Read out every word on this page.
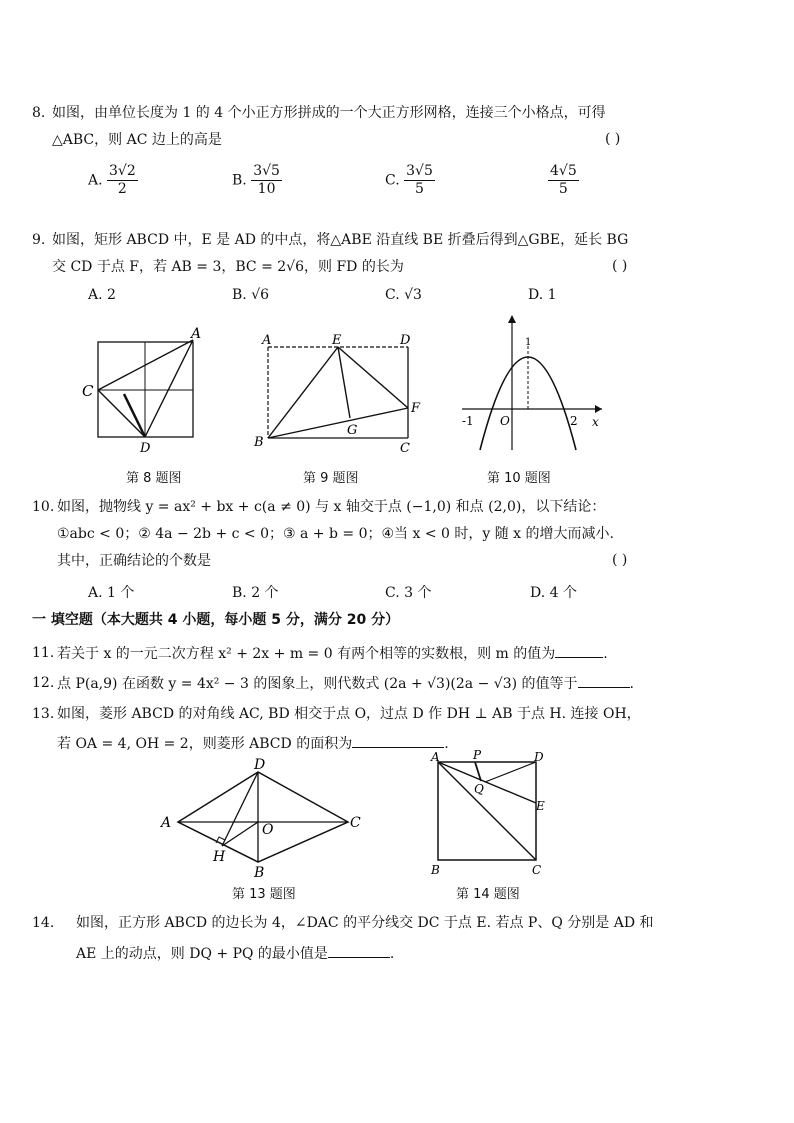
8. 如图，由单位长度为 1 的 4 个小正方形拼成的一个大正方形网格，连接三个小格点，可得
△ABC，则 AC 边上的高是	( )
A. $\frac{3√2}{2}$	B. $\frac{3√5}{10}$	C. $\frac{3√5}{5}$	$\frac{4√5}{5}$
9. 如图，矩形 ABCD 中，E 是 AD 的中点，将△ABE 沿直线 BE 折叠后得到△GBE，延长 BG
交 CD 于点 F，若 AB = 3，BC = 2√6，则 FD 的长为	( )
A. 2	B. √6	C. √3	D. 1
A
C
D
A	E	D
B	C
F
G
-1 O
1
2 x
第 8 题图	第 9 题图	第 10 题图
10. 如图，抛物线 y = ax² + bx + c(a ≠ 0) 与 x 轴交于点 (−1,0) 和点 (2,0)，以下结论：
①abc < 0；② 4a − 2b + c < 0；③ a + b = 0；④当 x < 0 时，y 随 x 的增大而减小.
其中，正确结论的个数是	( )
A. 1 个	B. 2 个	C. 3 个	D. 4 个
一 填空题（本大题共 4 小题，每小题 5 分，满分 20 分）
11. 若关于 x 的一元二次方程 x² + 2x + m = 0 有两个相等的实数根，则 m 的值为	.
12. 点 P(a,9) 在函数 y = 4x² − 3 的图象上，则代数式 (2a + √3)(2a − √3) 的值等于	.
13. 如图，菱形 ABCD 的对角线 AC, BD 相交于点 O，过点 D 作 DH ⊥ AB 于点 H. 连接 OH，
若 OA = 4, OH = 2，则菱形 ABCD 的面积为	.
A
D
C
B
O
H
A	P	D
Q
E
B	C
第 13 题图	第 14 题图
14. 如图，正方形 ABCD 的边长为 4，∠DAC 的平分线交 DC 于点 E. 若点 P、Q 分别是 AD 和
AE 上的动点，则 DQ + PQ 的最小值是	.
